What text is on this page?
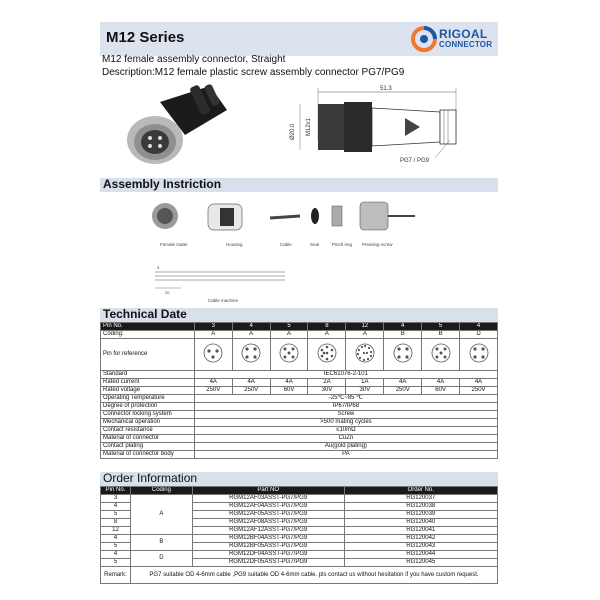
M12 Series	RIGOAL
CONNECTOR
M12 female assembly connector, Straight
Description:M12 female plastic screw assembly connector PG7/PG9
51.3
Ø20.0 M12x1
PG7 / PG9
Assembly Instriction
Female mater	Housing	Cable	Seal	Pinch ring Pressing screw
20
5
Cable machine
Technical Date
Pin No.	3	4	5	8	12	4	5	4
Coding:	A	A	A	A	A	B	B	D
Pin for reference								
Standard	IEC61076-2-101							
Rated current	4A	4A	4A	2A	1A	4A	4A	4A
Rated voltage	250V	250V	60V	30V	30V	250V	60V	250V
Operating Temperature	-25℃~85 ℃							
Degree of protection	IP67/IP68							
Connector locking system	Screw							
Mechanical operation	>500 mating cycles							
Contact resistance	≤10mΩ							
Material of connector	CuZn							
Contact plating	Au(gold plating)							
Material of connector body	PA							
Order Information
Pin No.	Coding	Part NO	Order No.
3	A	RGM12AF03ASST-PG7/PG9	RG120037
4		RGM12AF04ASST-PG7/PG9	RG120038
5		RGM12AF05ASST-PG7/PG9	RG120039
8		RGM12AF08ASST-PG7/PG9	RG120040
12		RGM12AF12ASST-PG7/PG9	RG120041
4	B	RGM12BF04ASST-PG7/PG9	RG120042
5		RGM12BF05ASST-PG7/PG9	RG120043
4	D	RGM12DF04ASST-PG7/PG9	RG120044
5		RGM12DF05ASST-PG7/PG9	RG120045
Remark:	PG7 suitable OD 4-6mm cable ,PG9 suitable OD 4-6mm cable. pls contact us without hesitation if you have custom request.		
